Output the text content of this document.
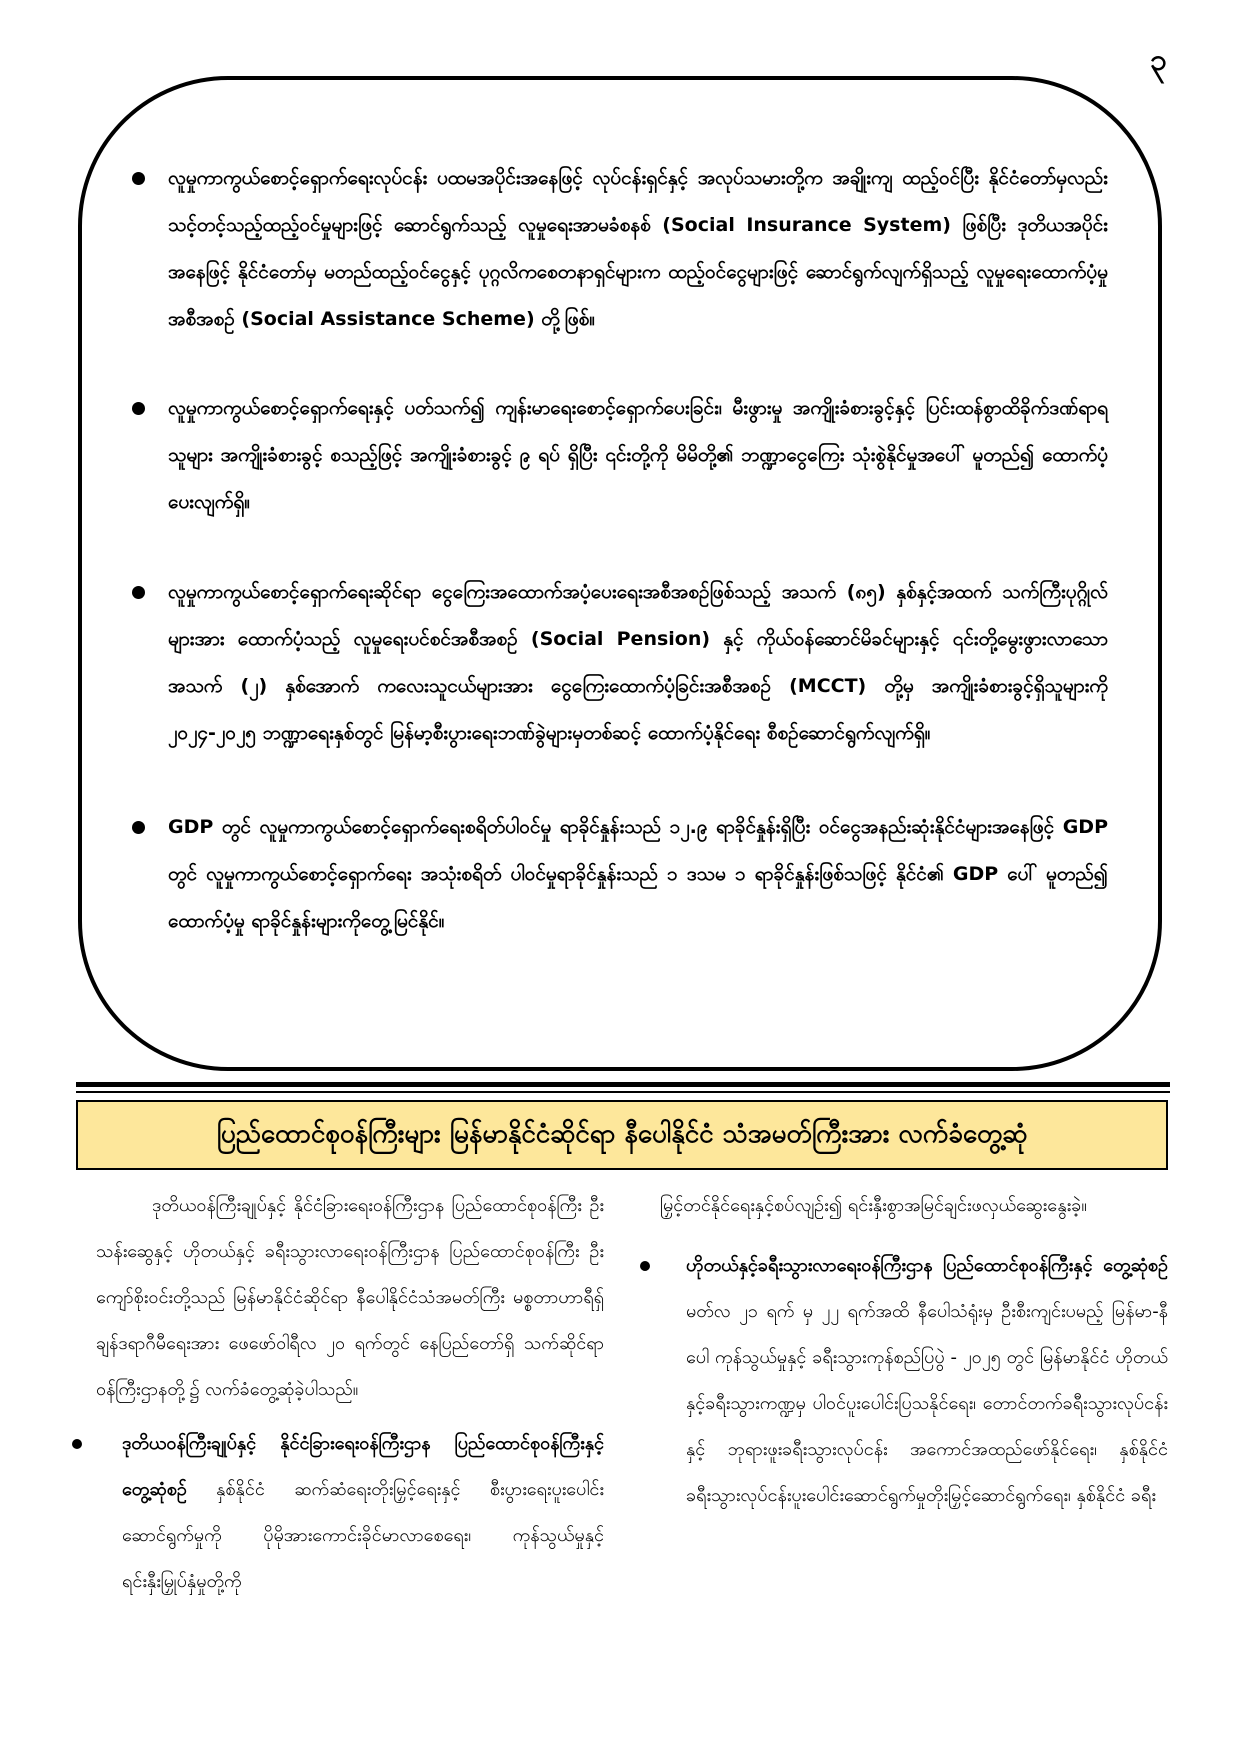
၃
လူမှုကာကွယ်စောင့်ရှောက်ရေးလုပ်ငန်း ပထမအပိုင်းအနေဖြင့် လုပ်ငန်းရှင်နှင့် အလုပ်သမားတို့က အချိုးကျ ထည့်ဝင်ပြီး နိုင်ငံတော်မှလည်း သင့်တင့်သည့်ထည့်ဝင်မှုများဖြင့် ဆောင်ရွက်သည့် လူမှုရေးအာမခံစနစ် (Social Insurance System) ဖြစ်ပြီး ဒုတိယအပိုင်းအနေဖြင့် နိုင်ငံတော်မှ မတည်ထည့်ဝင်ငွေနှင့် ပုဂ္ဂလိကစေတနာရှင်များက ထည့်ဝင်ငွေများဖြင့် ဆောင်ရွက်လျက်ရှိသည့် လူမှုရေးထောက်ပံ့မှုအစီအစဉ် (Social Assistance Scheme) တို့ဖြစ်။
လူမှုကာကွယ်စောင့်ရှောက်ရေးနှင့် ပတ်သက်၍ ကျန်းမာရေးစောင့်ရှောက်ပေးခြင်း၊ မီးဖွားမှု အကျိုးခံစားခွင့်နှင့် ပြင်းထန်စွာထိခိုက်ဒဏ်ရာရသူများ အကျိုးခံစားခွင့် စသည့်ဖြင့် အကျိုးခံစားခွင့် ၉ ရပ် ရှိပြီး ၎င်းတို့ကို မိမိတို့၏ ဘဏ္ဍာငွေကြေး သုံးစွဲနိုင်မှုအပေါ် မူတည်၍ ထောက်ပံ့ပေးလျက်ရှိ။
လူမှုကာကွယ်စောင့်ရှောက်ရေးဆိုင်ရာ ငွေကြေးအထောက်အပံ့ပေးရေးအစီအစဉ်ဖြစ်သည့် အသက် (၈၅) နှစ်နှင့်အထက် သက်ကြီးပုဂ္ဂိုလ်များအား ထောက်ပံ့သည့် လူမှုရေးပင်စင်အစီအစဉ် (Social Pension) နှင့် ကိုယ်ဝန်ဆောင်မိခင်များနှင့် ၎င်းတို့မွေးဖွားလာသော အသက် (၂) နှစ်အောက် ကလေးသူငယ်များအား ငွေကြေးထောက်ပံ့ခြင်းအစီအစဉ် (MCCT) တို့မှ အကျိုးခံစားခွင့်ရှိသူများကို ၂၀၂၄-၂၀၂၅ ဘဏ္ဍာရေးနှစ်တွင် မြန်မာ့စီးပွားရေးဘဏ်ခွဲများမှတစ်ဆင့် ထောက်ပံ့နိုင်ရေး စီစဉ်ဆောင်ရွက်လျက်ရှိ။
GDP တွင် လူမှုကာကွယ်စောင့်ရှောက်ရေးစရိတ်ပါဝင်မှု ရာခိုင်နှုန်းသည် ၁၂.၉ ရာခိုင်နှုန်းရှိပြီး ဝင်ငွေအနည်းဆုံးနိုင်ငံများအနေဖြင့် GDP တွင် လူမှုကာကွယ်စောင့်ရှောက်ရေး အသုံးစရိတ် ပါဝင်မှုရာခိုင်နှုန်းသည် ၁ ဒသမ ၁ ရာခိုင်နှုန်းဖြစ်သဖြင့် နိုင်ငံ၏ GDP ပေါ် မူတည်၍ ထောက်ပံ့မှု ရာခိုင်နှုန်းများကိုတွေ့မြင်နိုင်။
ပြည်ထောင်စုဝန်ကြီးများ မြန်မာနိုင်ငံဆိုင်ရာ နီပေါနိုင်ငံ သံအမတ်ကြီးအား လက်ခံတွေ့ဆုံ

ဒုတိယဝန်ကြီးချုပ်နှင့် နိုင်ငံခြားရေးဝန်ကြီးဌာန ပြည်ထောင်စုဝန်ကြီး ဦးသန်းဆွေနှင့် ဟိုတယ်နှင့် ခရီးသွားလာရေးဝန်ကြီးဌာန ပြည်ထောင်စုဝန်ကြီး ဦးကျော်စိုးဝင်းတို့သည် မြန်မာနိုင်ငံဆိုင်ရာ နီပေါနိုင်ငံသံအမတ်ကြီး မစ္စတာဟာရီရှ် ချန်ဒရာဂီမီရေးအား ဖေဖော်ဝါရီလ ၂၀ ရက်တွင် နေပြည်တော်ရှိ သက်ဆိုင်ရာဝန်ကြီးဌာနတို့၌ လက်ခံတွေ့ဆုံခဲ့ပါသည်။

ဒုတိယဝန်ကြီးချုပ်နှင့် နိုင်ငံခြားရေးဝန်ကြီးဌာန ပြည်ထောင်စုဝန်ကြီးနှင့်တွေ့ဆုံစဉ် နှစ်နိုင်ငံ ဆက်ဆံရေးတိုးမြှင့်ရေးနှင့် စီးပွားရေးပူးပေါင်းဆောင်ရွက်မှုကို ပိုမိုအားကောင်းခိုင်မာလာစေရေး၊ ကုန်သွယ်မှုနှင့် ရင်းနှီးမြှုပ်နှံမှုတို့ကို

မြှင့်တင်နိုင်ရေးနှင့်စပ်လျဉ်း၍ ရင်းနှီးစွာအမြင်ချင်းဖလှယ်ဆွေးနွေးခဲ့။

ဟိုတယ်နှင့်ခရီးသွားလာရေးဝန်ကြီးဌာန ပြည်ထောင်စုဝန်ကြီးနှင့် တွေ့ဆုံစဉ် မတ်လ ၂၁ ရက် မှ ၂၂ ရက်အထိ နီပေါသံရုံးမှ ဦးစီးကျင်းပမည့် မြန်မာ-နီပေါ ကုန်သွယ်မှုနှင့် ခရီးသွားကုန်စည်ပြပွဲ - ၂၀၂၅ တွင် မြန်မာနိုင်ငံ ဟိုတယ်နှင့်ခရီးသွားကဏ္ဍမှ ပါဝင်ပူးပေါင်းပြသနိုင်ရေး၊ တောင်တက်ခရီးသွားလုပ်ငန်းနှင့် ဘုရားဖူးခရီးသွားလုပ်ငန်း အကောင်အထည်ဖော်နိုင်ရေး၊ နှစ်နိုင်ငံ ခရီးသွားလုပ်ငန်းပူးပေါင်းဆောင်ရွက်မှုတိုးမြှင့်ဆောင်ရွက်ရေး၊ နှစ်နိုင်ငံ ခရီး
